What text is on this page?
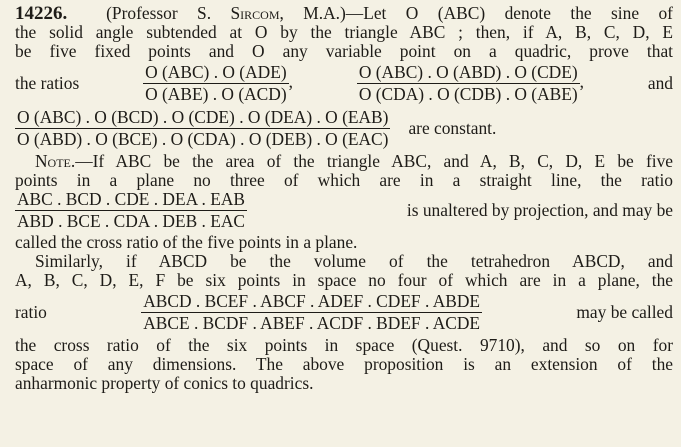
14226. (Professor S. Sircom, M.A.)—Let O (ABC) denote the sine of
the solid angle subtended at O by the triangle ABC ; then, if A, B, C, D, E
be five fixed points and O any variable point on a quadric, prove that
the ratios	$\frac{\text{O (ABC) . O (ADE)}}{\text{O (ABE) . O (ACD)}}$ ,	$\frac{\text{O (ABC) . O (ABD) . O (CDE)}}{\text{O (CDA) . O (CDB) . O (ABE)}}$ ,	and
$\frac{\text{O (ABC) . O (BCD) . O (CDE) . O (DEA) . O (EAB)}}{\text{O (ABD) . O (BCE) . O (CDA) . O (DEB) . O (EAC)}}$ are constant.
Note.—If ABC be the area of the triangle ABC, and A, B, C, D, E be five
points in a plane no three of which are in a straight line, the ratio
$\frac{\text{ABC . BCD . CDE . DEA . EAB}}{\text{ABD . BCE . CDA . DEB . EAC}}$	is unaltered by projection, and may be
called the cross ratio of the five points in a plane.
Similarly, if ABCD be the volume of the tetrahedron ABCD, and
A, B, C, D, E, F be six points in space no four of which are in a plane, the
ratio	$\frac{\text{ABCD . BCEF . ABCF . ADEF . CDEF . ABDE}}{\text{ABCE . BCDF . ABEF . ACDF . BDEF . ACDE}}$	may be called
the cross ratio of the six points in space (Quest. 9710), and so on for
space of any dimensions. The above proposition is an extension of the
anharmonic property of conics to quadrics.
